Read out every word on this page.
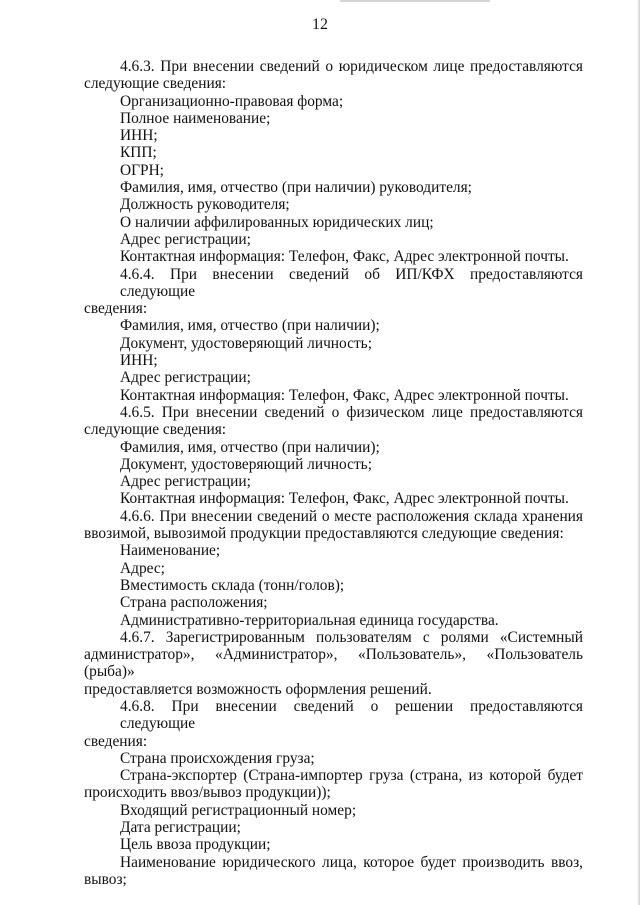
12
4.6.3. При внесении сведений о юридическом лице предоставляются
следующие сведения:
Организационно-правовая форма;
Полное наименование;
ИНН;
КПП;
ОГРН;
Фамилия, имя, отчество (при наличии) руководителя;
Должность руководителя;
О наличии аффилированных юридических лиц;
Адрес регистрации;
Контактная информация: Телефон, Факс, Адрес электронной почты.
4.6.4. При внесении сведений об ИП/КФХ предоставляются следующие
сведения:
Фамилия, имя, отчество (при наличии);
Документ, удостоверяющий личность;
ИНН;
Адрес регистрации;
Контактная информация: Телефон, Факс, Адрес электронной почты.
4.6.5. При внесении сведений о физическом лице предоставляются
следующие сведения:
Фамилия, имя, отчество (при наличии);
Документ, удостоверяющий личность;
Адрес регистрации;
Контактная информация: Телефон, Факс, Адрес электронной почты.
4.6.6. При внесении сведений о месте расположения склада хранения
ввозимой, вывозимой продукции предоставляются следующие сведения:
Наименование;
Адрес;
Вместимость склада (тонн/голов);
Страна расположения;
Административно-территориальная единица государства.
4.6.7. Зарегистрированным пользователям с ролями «Системный
администратор», «Администратор», «Пользователь», «Пользователь (рыба)»
предоставляется возможность оформления решений.
4.6.8. При внесении сведений о решении предоставляются следующие
сведения:
Страна происхождения груза;
Страна-экспортер (Страна-импортер груза (страна, из которой будет
происходить ввоз/вывоз продукции));
Входящий регистрационный номер;
Дата регистрации;
Цель ввоза продукции;
Наименование юридического лица, которое будет производить ввоз,
вывоз;
